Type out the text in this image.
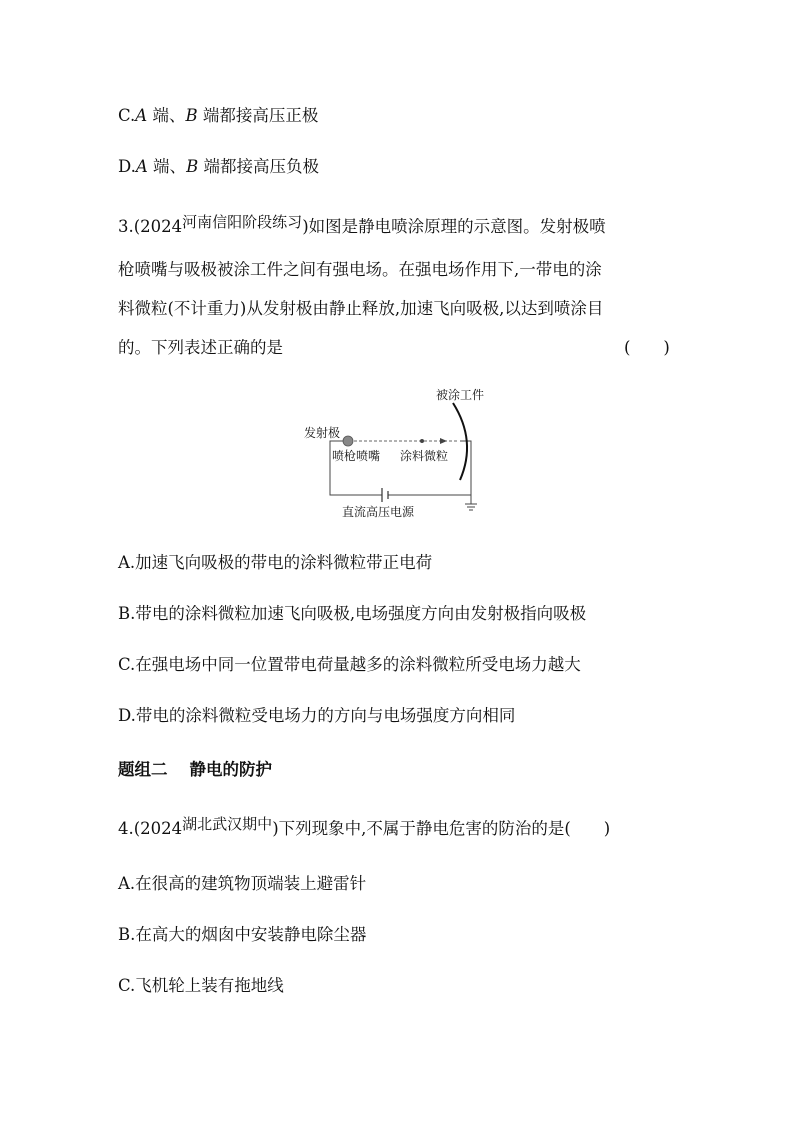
C.A 端、B 端都接高压正极
D.A 端、B 端都接高压负极
3.(2024河南信阳阶段练习)如图是静电喷涂原理的示意图。发射极喷
枪喷嘴与吸极被涂工件之间有强电场。在强电场作用下,一带电的涂
料微粒(不计重力)从发射极由静止释放,加速飞向吸极,以达到喷涂目
的。下列表述正确的是	(　　)
发射极
喷枪喷嘴 涂料微粒
被涂工件
直流高压电源
A.加速飞向吸极的带电的涂料微粒带正电荷
B.带电的涂料微粒加速飞向吸极,电场强度方向由发射极指向吸极
C.在强电场中同一位置带电荷量越多的涂料微粒所受电场力越大
D.带电的涂料微粒受电场力的方向与电场强度方向相同
题组二 静电的防护
4.(2024湖北武汉期中)下列现象中,不属于静电危害的防治的是(　　)
A.在很高的建筑物顶端装上避雷针
B.在高大的烟囱中安装静电除尘器
C.飞机轮上装有拖地线
